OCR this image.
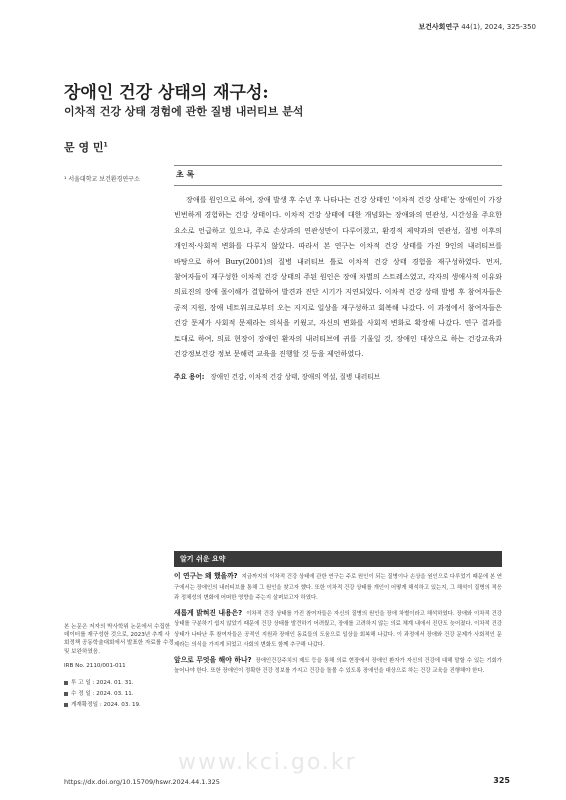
보건사회연구 44(1), 2024, 325-350
장애인 건강 상태의 재구성:
이차적 건강 상태 경험에 관한 질병 내러티브 분석
문 영 민$^1$
¹ 서울대학교 보건환경연구소
초 록
장애를 원인으로 하여, 장애 발생 후 수년 후 나타나는 건강 상태인 ‘이차적 건강 상태’는 장애인이 가장 빈번하게 경험하는 건강 상태이다. 이차적 건강 상태에 대한 개념화는 장애와의 연관성, 시간성을 주요한 요소로 언급하고 있으나, 주로 손상과의 연관성만이 다루어졌고, 환경적 제약과의 연관성, 질병 이후의 개인적·사회적 변화를 다루지 않았다. 따라서 본 연구는 이차적 건강 상태를 가진 9인의 내러티브를 바탕으로 하여 Bury(2001)의 질병 내러티브 틀로 이차적 건강 상태 경험을 재구성하였다. 먼저, 참여자들이 재구성한 이차적 건강 상태의 주된 원인은 장애 차별의 스트레스였고, 각자의 생애사적 이유와 의료진의 장애 몰이해가 결합하여 발견과 진단 시기가 지연되었다. 이차적 건강 상태 발병 후 참여자들은 공적 지원, 장애 네트워크로부터 오는 지지로 일상을 재구성하고 회복해 나갔다. 이 과정에서 참여자들은 건강 문제가 사회적 문제라는 의식을 키웠고, 자신의 변화를 사회적 변화로 확장해 나갔다. 연구 결과를 토대로 하여, 의료 현장이 장애인 환자의 내러티브에 귀를 기울일 것, 장애인 대상으로 하는 건강교육과 건강정보건강 정보 문해력 교육을 진행할 것 등을 제언하였다.
주요 용어: 장애인 건강, 이차적 건강 상태, 장애의 역설, 질병 내러티브
알기 쉬운 요약
이 연구는 왜 했을까? 지금까지의 이차적 건강 상태에 관한 연구는 주로 원인이 되는 질병이나 손상을 원인으로 다루었기 때문에 본 연구에서는 장애인의 내러티브를 통해 그 원인을 찾고자 했다. 또한 이차적 건강 상태를 개인이 어떻게 해석하고 있는지, 그 해석이 질병의 적응과 정체성의 변화에 어떠한 영향을 주는지 살펴보고자 하였다.
새롭게 밝혀진 내용은? 이차적 건강 상태를 가진 참여자들은 자신의 질병의 원인을 장애 차별이라고 해석하였다. 장애와 이차적 건강 상태를 구분하기 쉽지 않았기 때문에 건강 상태를 발견하기 어려웠고, 장애를 고려하지 않는 의료 체계 내에서 진단도 늦어졌다. 이차적 건강 상태가 나타난 후 참여자들은 공적인 지원과 장애인 동료들의 도움으로 일상을 회복해 나갔다. 이 과정에서 장애와 건강 문제가 사회적인 문제라는 의식을 가지게 되었고 사회의 변화도 함께 추구해 나갔다.
앞으로 무엇을 해야 하나? 장애인건강주치의 제도 등을 통해 의료 현장에서 장애인 환자가 자신의 건강에 대해 말할 수 있는 기회가 늘어나야 한다. 또한 장애인이 정확한 건강 정보를 가지고 건강을 돌볼 수 있도록 장애인을 대상으로 하는 건강 교육을 진행해야 한다.
본 논문은 저자의 박사학위 논문에서 수집한 데이터를 재구성한 것으로, 2023년 추계 사회정책 공동학술대회에서 발표한 자료를 수정 및 보완하였음.
IRB No. 2110/001-011
투 고 일 : 2024. 01. 31.
수 정 일 : 2024. 03. 11.
게재확정일 : 2024. 03. 19.
www.kci.go.kr
https://dx.doi.org/10.15709/hswr.2024.44.1.325	325
